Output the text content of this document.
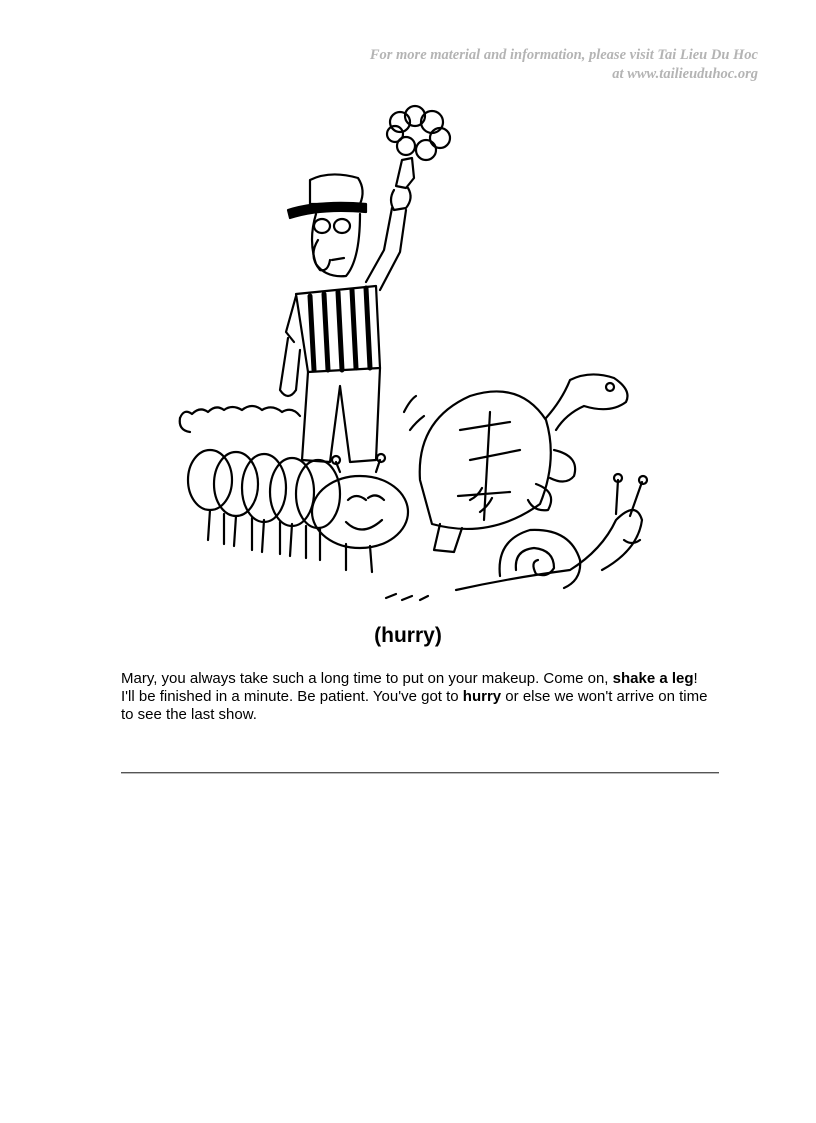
For more material and information, please visit Tai Lieu Du Hoc
at www.tailieuduhoc.org
(hurry)

Mary, you always take such a long time to put on your makeup. Come on, shake a leg!

I'll be finished in a minute. Be patient. You've got to hurry or else we won't arrive on time to see the last show.
